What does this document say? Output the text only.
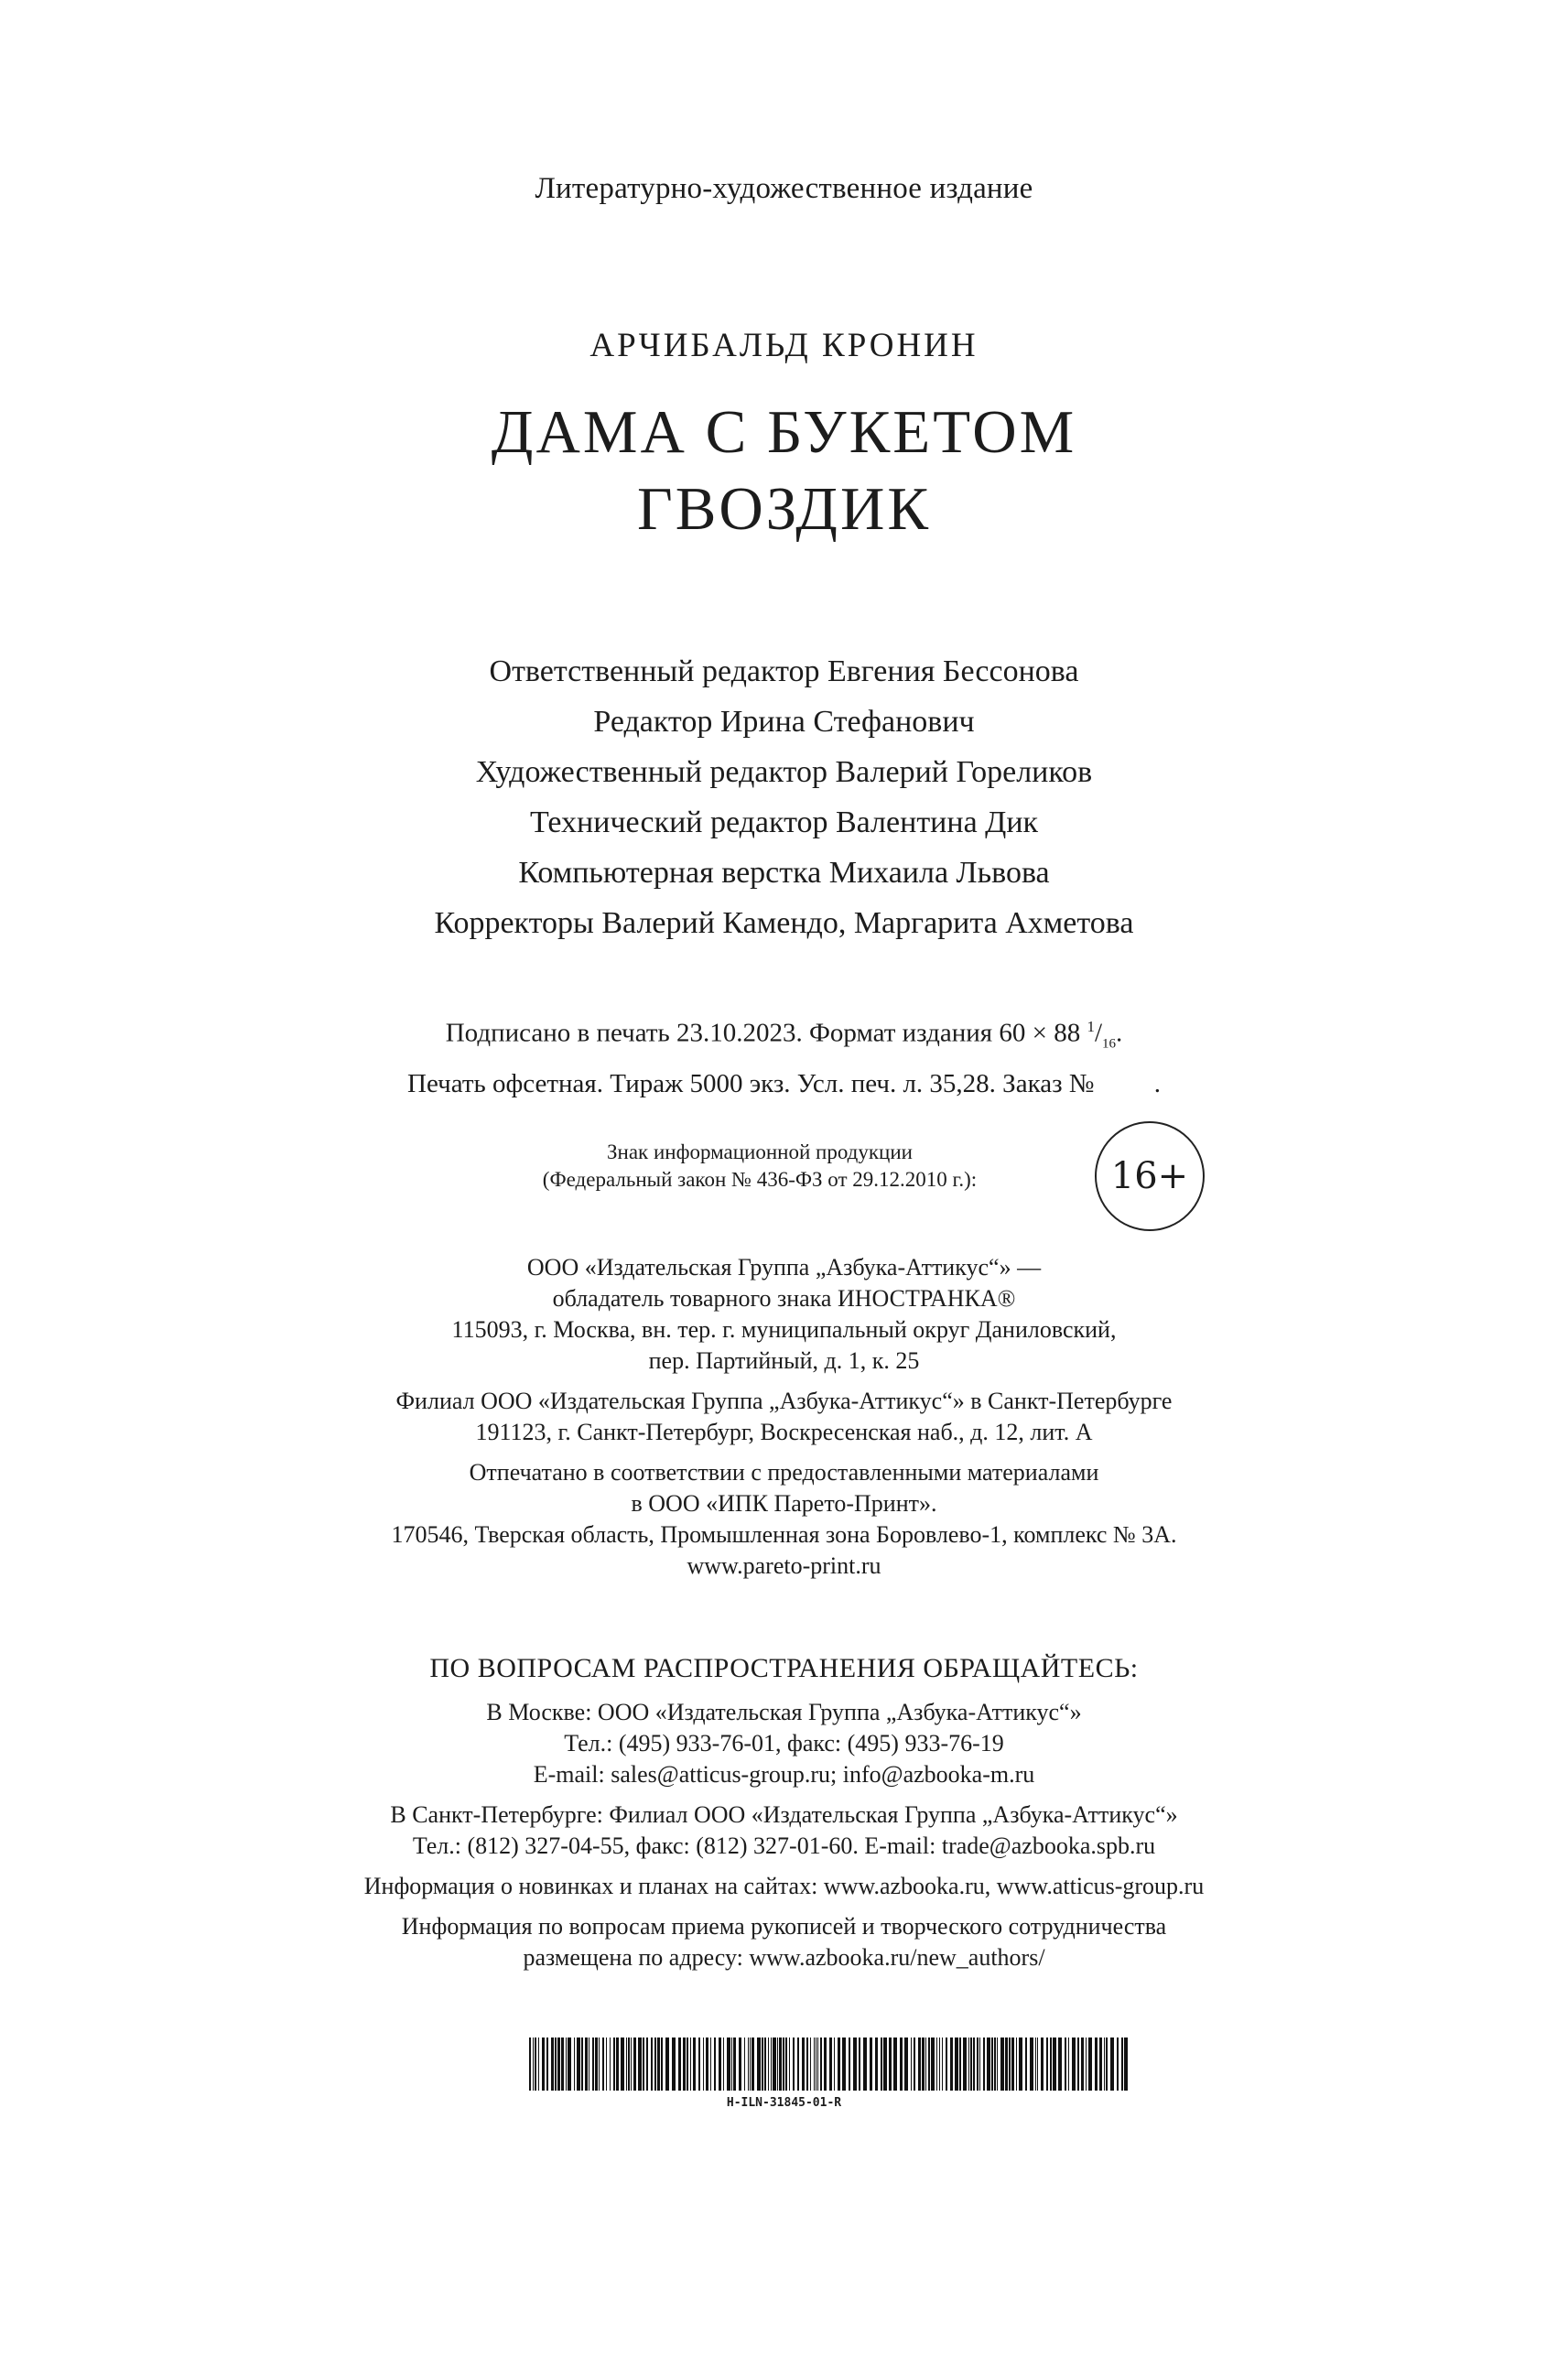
Литературно-художественное издание
АРЧИБАЛЬД КРОНИН
ДАМА С БУКЕТОМ
ГВОЗДИК
Ответственный редактор Евгения Бессонова
Редактор Ирина Стефанович
Художественный редактор Валерий Гореликов
Технический редактор Валентина Дик
Компьютерная верстка Михаила Львова
Корректоры Валерий Камендо, Маргарита Ахметова
Подписано в печать 23.10.2023. Формат издания 60 × 88 $^1/_{16}$.
Печать офсетная. Тираж 5000 экз. Усл. печ. л. 35,28. Заказ №         .
Знак информационной продукции
(Федеральный закон № 436-ФЗ от 29.12.2010 г.):	16+
ООО «Издательская Группа „Азбука-Аттикус“» —
обладатель товарного знака ИНОСТРАНКА®
115093, г. Москва, вн. тер. г. муниципальный округ Даниловский,
пер. Партийный, д. 1, к. 25
Филиал ООО «Издательская Группа „Азбука-Аттикус“» в Санкт-Петербурге
191123, г. Санкт-Петербург, Воскресенская наб., д. 12, лит. А
Отпечатано в соответствии с предоставленными материалами
в ООО «ИПК Парето-Принт».
170546, Тверская область, Промышленная зона Боровлево-1, комплекс № 3А.
www.pareto-print.ru
ПО ВОПРОСАМ РАСПРОСТРАНЕНИЯ ОБРАЩАЙТЕСЬ:
В Москве: ООО «Издательская Группа „Азбука-Аттикус“»
Тел.: (495) 933-76-01, факс: (495) 933-76-19
E-mail: sales@atticus-group.ru; info@azbooka-m.ru
В Санкт-Петербурге: Филиал ООО «Издательская Группа „Азбука-Аттикус“»
Тел.: (812) 327-04-55, факс: (812) 327-01-60. E-mail: trade@azbooka.spb.ru
Информация о новинках и планах на сайтах: www.azbooka.ru, www.atticus-group.ru
Информация по вопросам приема рукописей и творческого сотрудничества
размещена по адресу: www.azbooka.ru/new_authors/
H-ILN-31845-01-R
